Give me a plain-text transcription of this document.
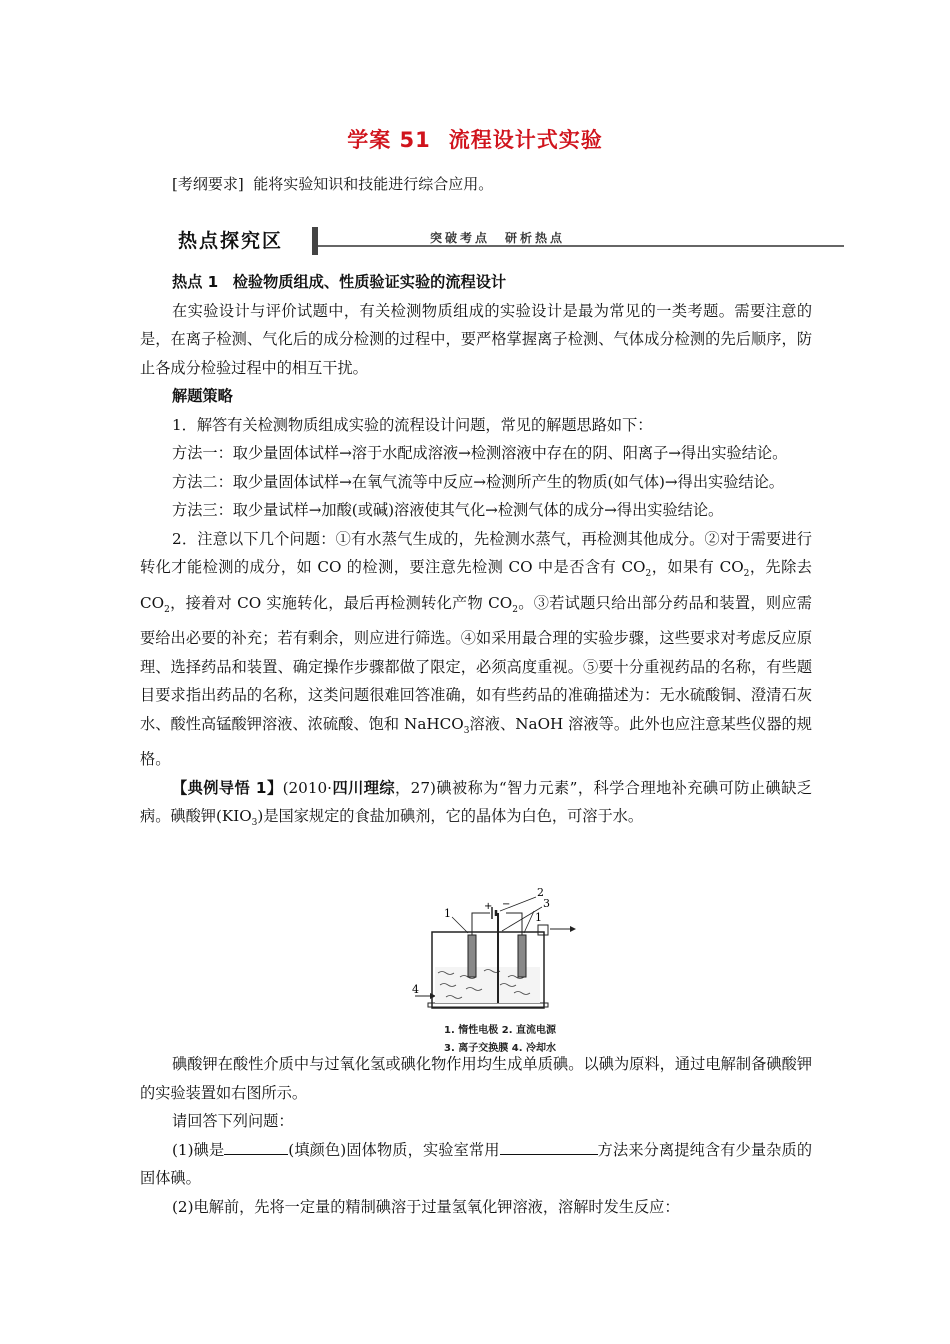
学案 51 流程设计式实验
[考纲要求] 能将实验知识和技能进行综合应用。
热点探究区	突破考点　研析热点

热点 1 检验物质组成、性质验证实验的流程设计

在实验设计与评价试题中，有关检测物质组成的实验设计是最为常见的一类考题。需要注意的是，在离子检测、气化后的成分检测的过程中，要严格掌握离子检测、气体成分检测的先后顺序，防止各成分检验过程中的相互干扰。

解题策略

1．解答有关检测物质组成实验的流程设计问题，常见的解题思路如下：

方法一：取少量固体试样→溶于水配成溶液→检测溶液中存在的阴、阳离子→得出实验结论。

方法二：取少量固体试样→在氧气流等中反应→检测所产生的物质(如气体)→得出实验结论。

方法三：取少量试样→加酸(或碱)溶液使其气化→检测气体的成分→得出实验结论。

2．注意以下几个问题：①有水蒸气生成的，先检测水蒸气，再检测其他成分。②对于需要进行转化才能检测的成分，如 CO 的检测，要注意先检测 CO 中是否含有 $CO_2$，如果有 $CO_2$，先除去 $CO_2$，接着对 CO 实施转化，最后再检测转化产物 $CO_2$。③若试题只给出部分药品和装置，则应需要给出必要的补充；若有剩余，则应进行筛选。④如采用最合理的实验步骤，这些要求对考虑反应原理、选择药品和装置、确定操作步骤都做了限定，必须高度重视。⑤要十分重视药品的名称，有些题目要求指出药品的名称，这类问题很难回答准确，如有些药品的准确描述为：无水硫酸铜、澄清石灰水、酸性高锰酸钾溶液、浓硫酸、饱和 NaHCO$_3$溶液、NaOH 溶液等。此外也应注意某些仪器的规格。

【典例导悟 1】(2010·四川理综，27)碘被称为“智力元素”，科学合理地补充碘可防止碘缺乏病。碘酸钾$(KIO_3)$是国家规定的食盐加碘剂，它的晶体为白色，可溶于水。

1
2
3
1
4
+ −
1. 惰性电极 2. 直流电源
3. 离子交换膜 4. 冷却水

碘酸钾在酸性介质中与过氧化氢或碘化物作用均生成单质碘。以碘为原料，通过电解制备碘酸钾的实验装置如右图所示。

请回答下列问题：

(1)碘是	(填颜色)固体物质，实验室常用	方法来分离提纯含有少量杂质的固体碘。

(2)电解前，先将一定量的精制碘溶于过量氢氧化钾溶液，溶解时发生反应：
